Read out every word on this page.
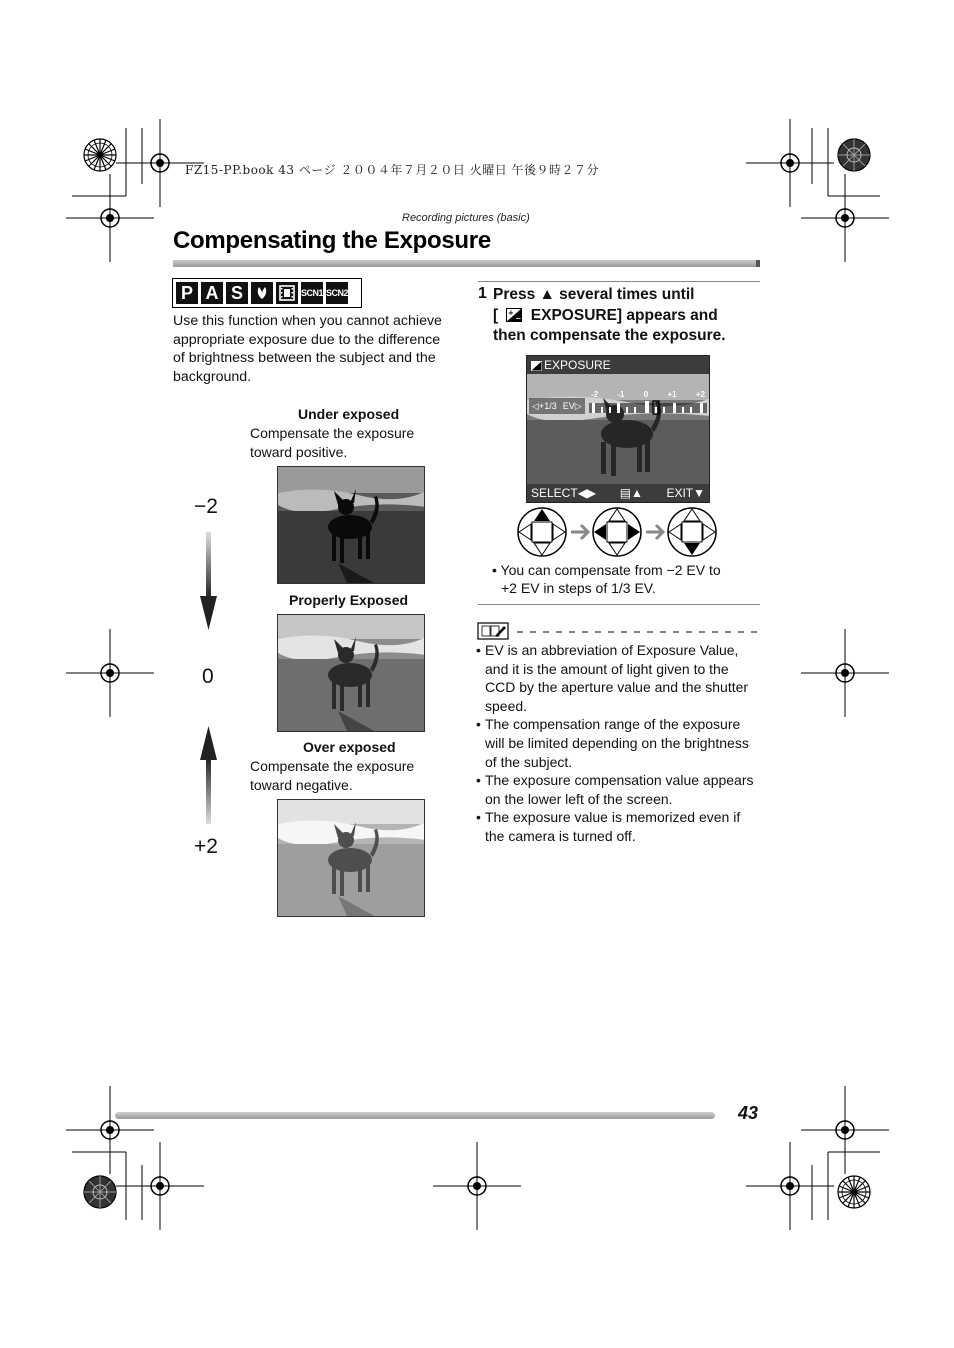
FZ15-PP.book 43 ページ ２００４年７月２０日 火曜日 午後９時２７分
Recording pictures (basic)
Compensating the Exposure
P A S	SCN1 SCN2

Use this function when you cannot achieve appropriate exposure due to the difference of brightness between the subject and the background.

Under exposed
Compensate the exposure toward positive.
Properly Exposed
Over exposed
Compensate the exposure toward negative.
−2
0
+2
1 Press ▲ several times until
[ +
− EXPOSURE] appears and
then compensate the exposure.
EXPOSURE
◁ + 1/3 EV ▷
-2 -1 0 +1 +2
SELECT◀▶ ▤▲ EXIT▼
• You can compensate from −2 EV to
+2 EV in steps of 1/3 EV.
• EV is an abbreviation of Exposure Value, and it is the amount of light given to the CCD by the aperture value and the shutter speed.
• The compensation range of the exposure will be limited depending on the brightness of the subject.
• The exposure compensation value appears on the lower left of the screen.
• The exposure value is memorized even if the camera is turned off.
43
